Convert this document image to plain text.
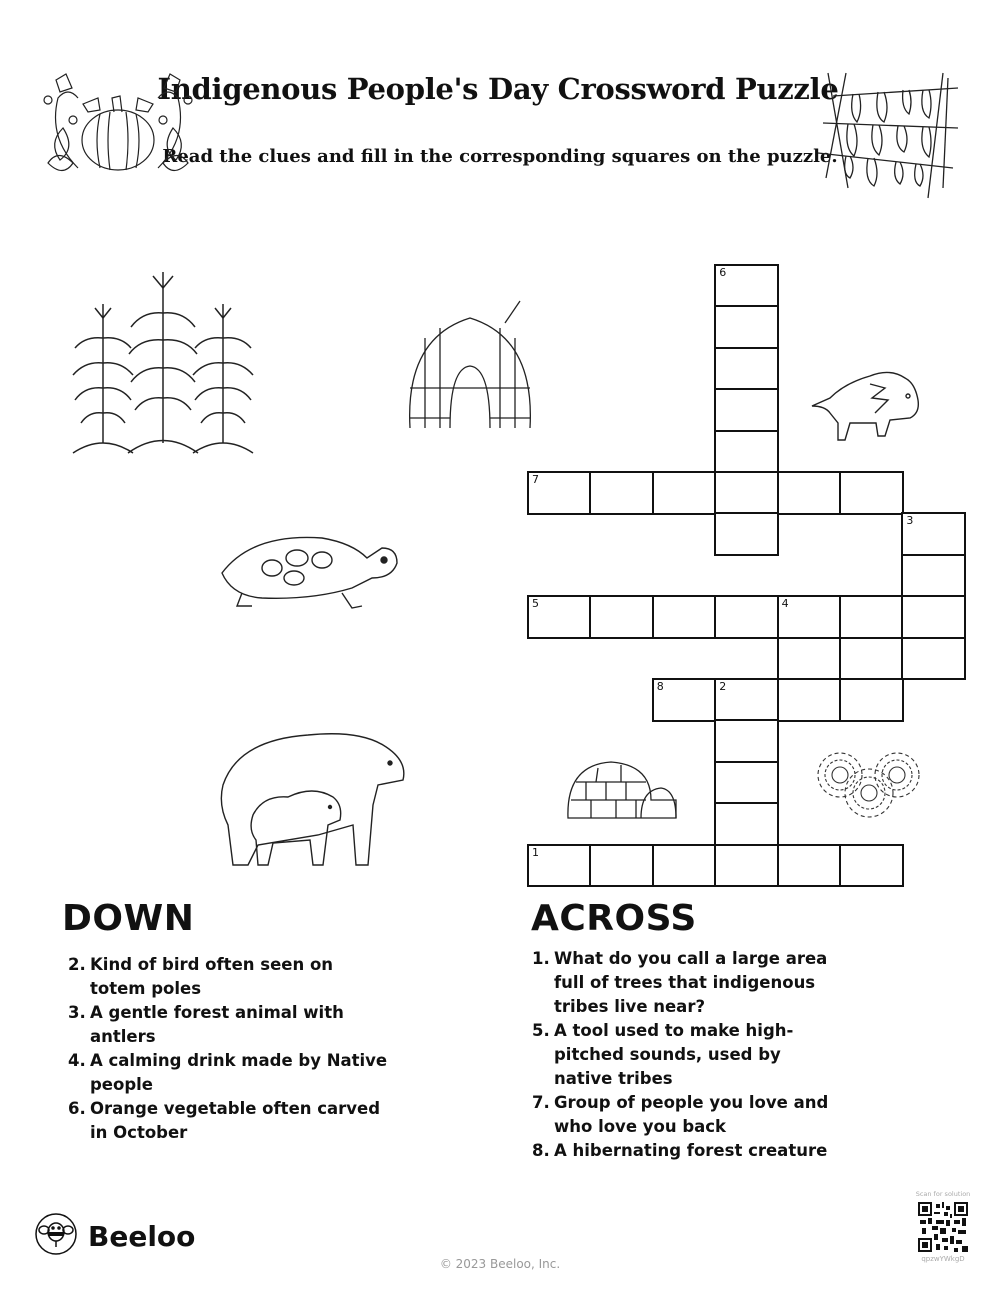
Indigenous People's Day Crossword Puzzle
Read the clues and fill in the corresponding squares on the puzzle.
6
7
3
5	4
8	2
1
DOWN
2. Kind of bird often seen on totem poles
3. A gentle forest animal with antlers
4. A calming drink made by Native people
6. Orange vegetable often carved in October
ACROSS
1. What do you call a large area full of trees that indigenous tribes live near?
5. A tool used to make high-pitched sounds, used by native tribes
7. Group of people you love and who love you back
8. A hibernating forest creature
Beeloo
© 2023 Beeloo, Inc.
Scan for solution
qpzwYWkgD
